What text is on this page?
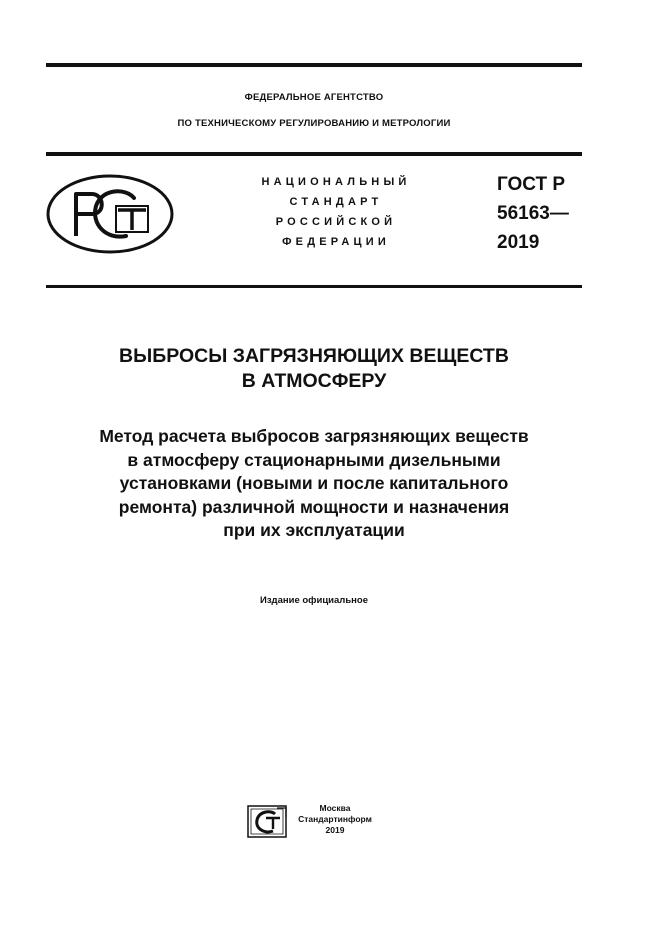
ФЕДЕРАЛЬНОЕ АГЕНТСТВО
ПО ТЕХНИЧЕСКОМУ РЕГУЛИРОВАНИЮ И МЕТРОЛОГИИ
НАЦИОНАЛЬНЫЙ
СТАНДАРТ
РОССИЙСКОЙ
ФЕДЕРАЦИИ
ГОСТ Р
56163—
2019
ВЫБРОСЫ ЗАГРЯЗНЯЮЩИХ ВЕЩЕСТВ
В АТМОСФЕРУ
Метод расчета выбросов загрязняющих веществ
в атмосферу стационарными дизельными
установками (новыми и после капитального
ремонта) различной мощности и назначения
при их эксплуатации
Издание официальное
Москва
Стандартинформ
2019
